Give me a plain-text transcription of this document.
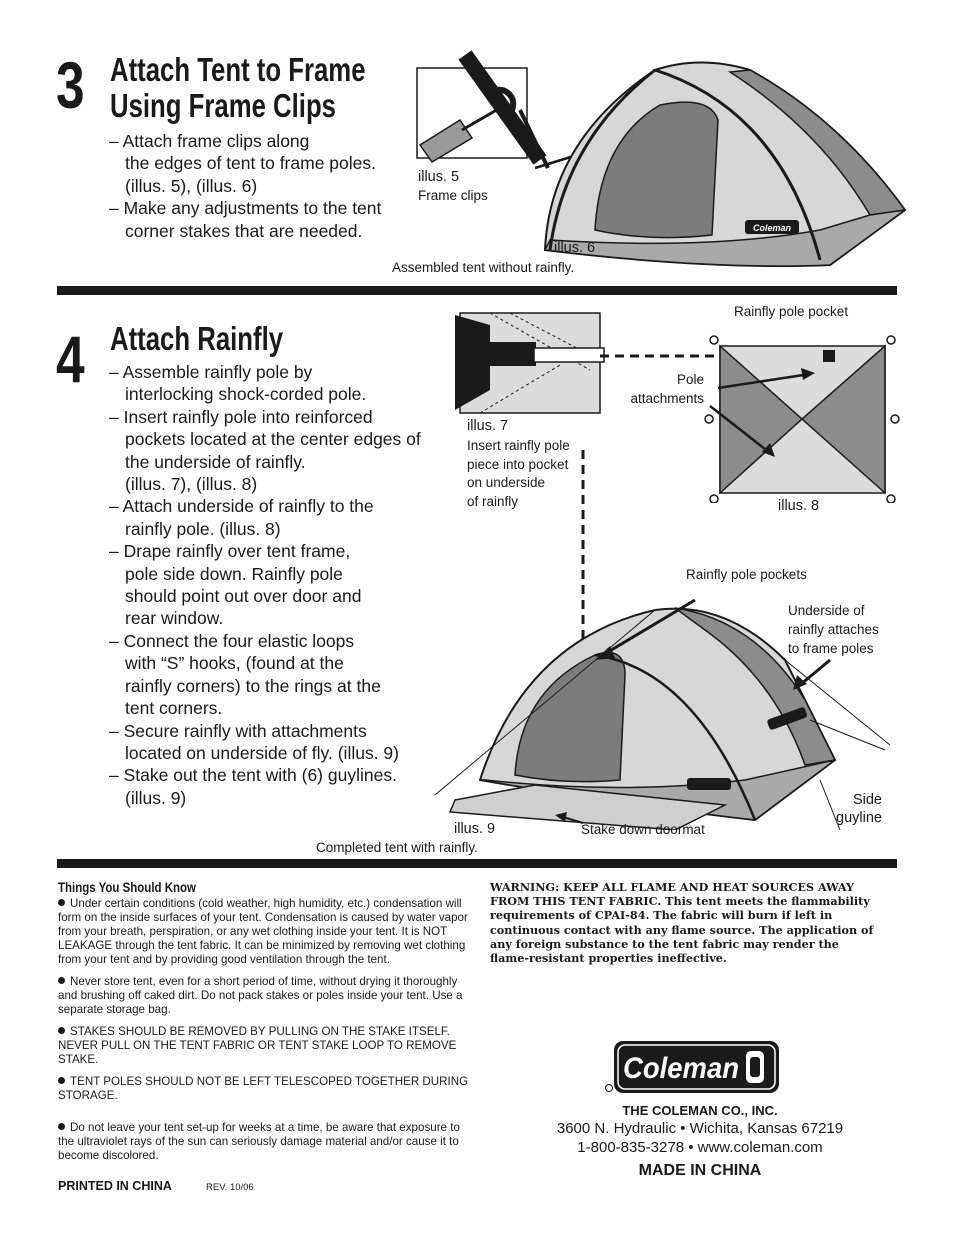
3 Attach Tent to Frame
Using Frame Clips
– Attach frame clips along
the edges of tent to frame poles.
(illus. 5), (illus. 6)
– Make any adjustments to the tent
corner stakes that are needed.	Coleman
illus. 5
Frame clips
illus. 6
Assembled tent without rainfly.
4 Attach Rainfly
– Assemble rainfly pole by
interlocking shock-corded pole.
– Insert rainfly pole into reinforced
pockets located at the center edges of
the underside of rainfly.
(illus. 7), (illus. 8)
– Attach underside of rainfly to the
rainfly pole. (illus. 8)
– Drape rainfly over tent frame,
pole side down. Rainfly pole
should point out over door and
rear window.
– Connect the four elastic loops
with “S” hooks, (found at the
rainfly corners) to the rings at the
tent corners.
– Secure rainfly with attachments
located on underside of fly. (illus. 9)
– Stake out the tent with (6) guylines.
(illus. 9)
illus. 7
Insert rainfly pole
piece into pocket
on underside
of rainfly
Rainfly pole pocket
Pole
attachments
illus. 8
Rainfly pole pockets
Underside of
rainfly attaches
to frame poles
Side
guyline
Stake down doormat
illus. 9
Completed tent with rainfly.
Things You Should Know
Under certain conditions (cold weather, high humidity, etc.) condensation will form on the inside surfaces of your tent. Condensation is caused by water vapor from your breath, perspiration, or any wet clothing inside your tent. It is NOT LEAKAGE through the tent fabric. It can be minimized by removing wet clothing from your tent and by providing good ventilation through the tent.
Never store tent, even for a short period of time, without drying it thoroughly and brushing off caked dirt. Do not pack stakes or poles inside your tent. Use a separate storage bag.
STAKES SHOULD BE REMOVED BY PULLING ON THE STAKE ITSELF. NEVER PULL ON THE TENT FABRIC OR TENT STAKE LOOP TO REMOVE STAKE.
TENT POLES SHOULD NOT BE LEFT TELESCOPED TOGETHER DURING STORAGE.
Do not leave your tent set-up for weeks at a time, be aware that exposure to the ultraviolet rays of the sun can seriously damage material and/or cause it to become discolored.
WARNING: KEEP ALL FLAME AND HEAT SOURCES AWAY FROM THIS TENT FABRIC. This tent meets the flammability requirements of CPAI-84. The fabric will burn if left in continuous contact with any flame source. The application of any foreign substance to the tent fabric may render the flame-resistant properties ineffective.
Coleman
THE COLEMAN CO., INC.
3600 N. Hydraulic • Wichita, Kansas 67219
1-800-835-3278 • www.coleman.com
MADE IN CHINA
PRINTED IN CHINA	REV. 10/06
